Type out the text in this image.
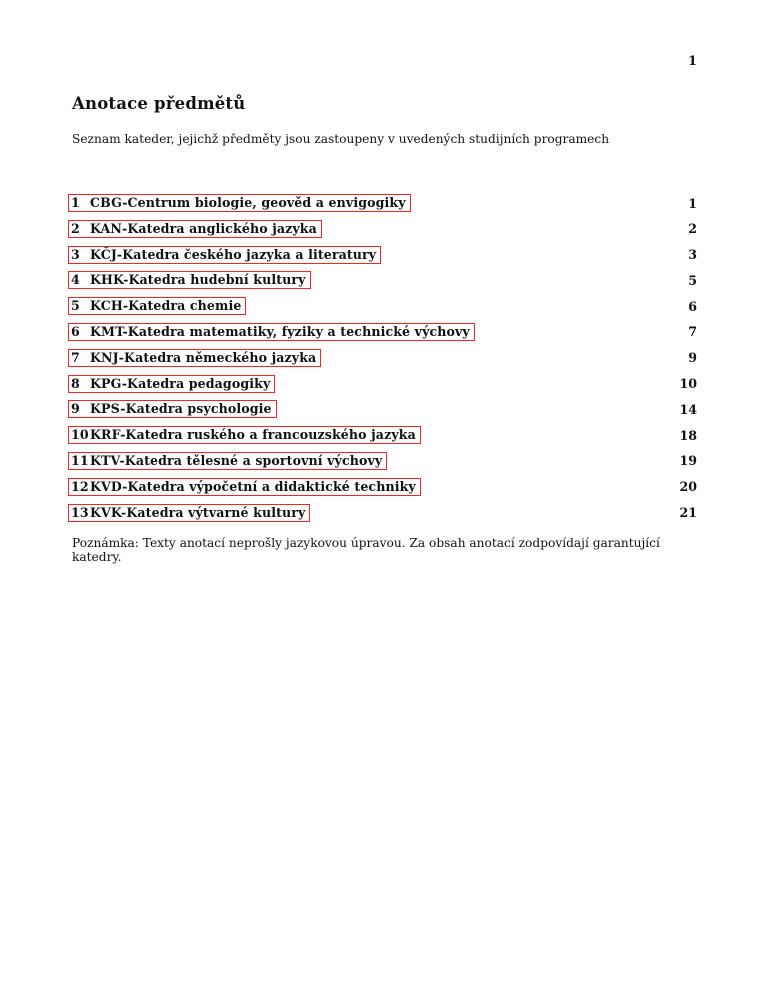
1
Anotace předmětů
Seznam kateder, jejichž předměty jsou zastoupeny v uvedených studijních programech
1 CBG-Centrum biologie, geověd a envigogiky	1
2 KAN-Katedra anglického jazyka	2
3 KČJ-Katedra českého jazyka a literatury	3
4 KHK-Katedra hudební kultury	5
5 KCH-Katedra chemie	6
6 KMT-Katedra matematiky, fyziky a technické výchovy	7
7 KNJ-Katedra německého jazyka	9
8 KPG-Katedra pedagogiky	10
9 KPS-Katedra psychologie	14
10 KRF-Katedra ruského a francouzského jazyka	18
11 KTV-Katedra tělesné a sportovní výchovy	19
12 KVD-Katedra výpočetní a didaktické techniky	20
13 KVK-Katedra výtvarné kultury	21
Poznámka: Texty anotací neprošly jazykovou úpravou. Za obsah anotací zodpovídají garantující katedry.
